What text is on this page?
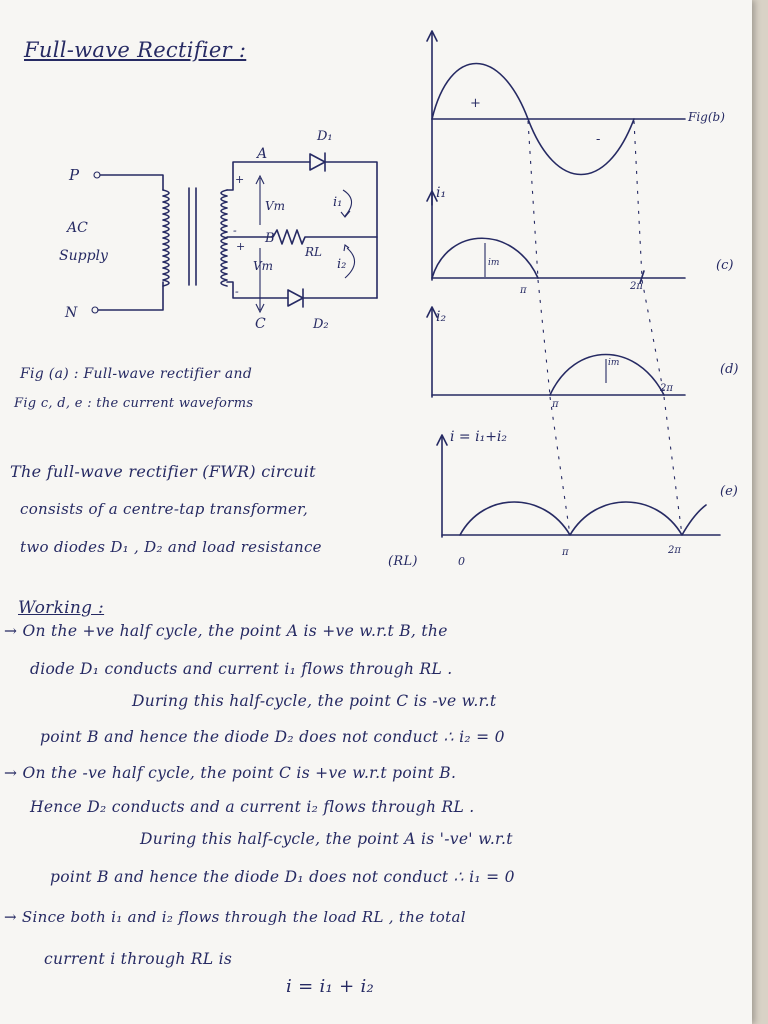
Full-wave Rectifier :

P
N
AC
Supply
A
B
C
D₁
D₂
RL
Vm
Vm
i₁
i₂
+
-
+
-

Fig (a) : Full-wave rectifier and

Fig c, d, e : the current waveforms

+
-
Fig(b)
i₁
im
π	2π
(c)
i₂
im
π
2π
(d)
i = i₁+i₂
0
π	2π
(e)

The full-wave rectifier (FWR) circuit

consists of a centre-tap transformer,

two diodes D₁ , D₂ and load resistance

(RL)

Working :

→ On the +ve half cycle, the point A is +ve w.r.t B, the

diode D₁ conducts and current i₁ flows through RL .

During this half-cycle, the point C is -ve w.r.t

point B and hence the diode D₂ does not conduct ∴ i₂ = 0

→ On the -ve half cycle, the point C is +ve w.r.t point B.

Hence D₂ conducts and a current i₂ flows through RL .

During this half-cycle, the point A is '-ve' w.r.t

point B and hence the diode D₁ does not conduct ∴ i₁ = 0

→ Since both i₁ and i₂ flows through the load RL , the total

current i through RL is

i = i₁ + i₂
